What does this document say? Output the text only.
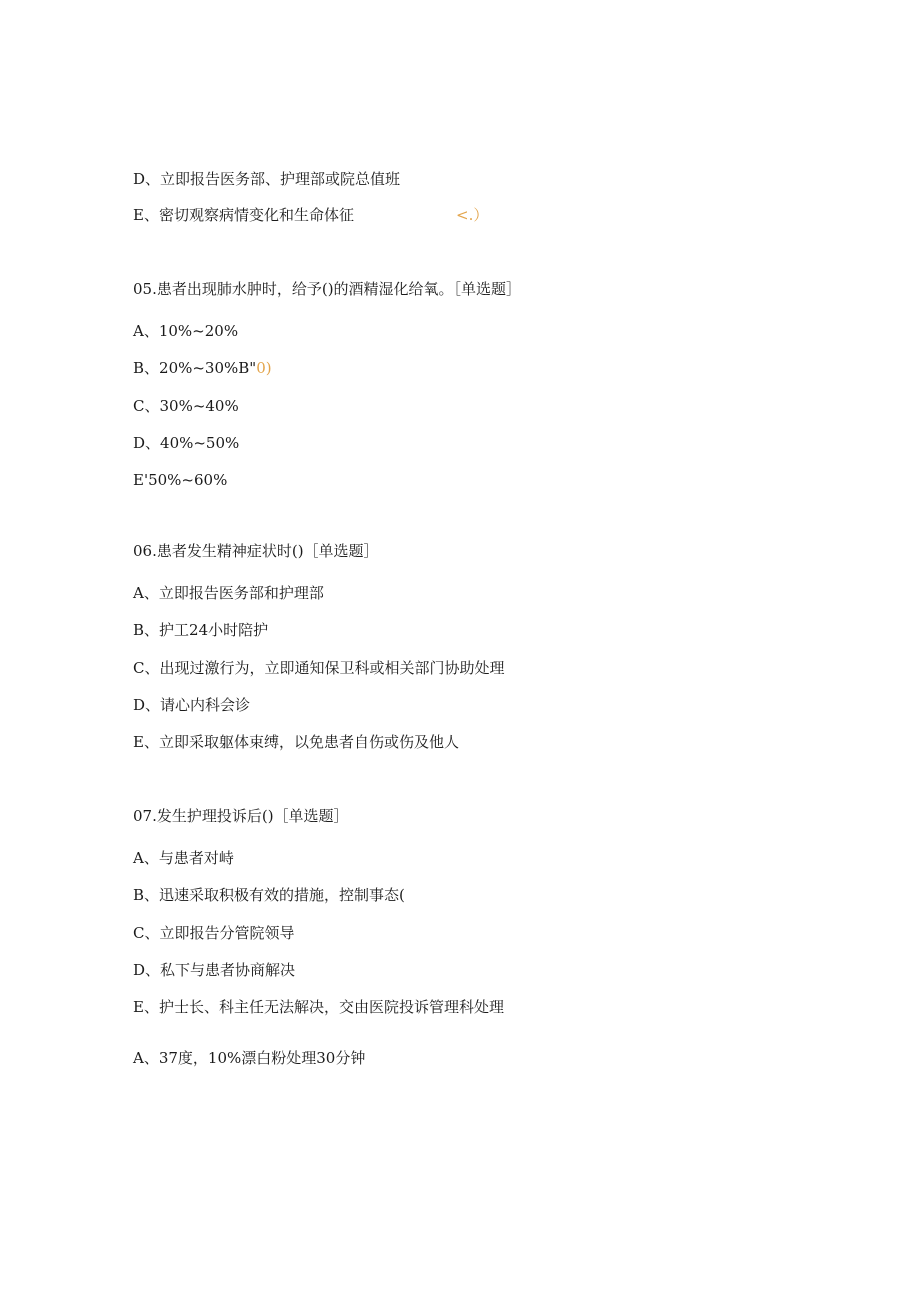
D、立即报告医务部、护理部或院总值班
E、密切观察病情变化和生命体征	<.）
05.患者出现肺水肿时，给予()的酒精湿化给氧。［单选题］
A、10%~20%
B、20%~30%B"0)
C、30%~40%
D、40%~50%
E'50%~60%
06.患者发生精神症状时()［单选题］
A、立即报告医务部和护理部
B、护工24小时陪护
C、出现过激行为，立即通知保卫科或相关部门协助处理
D、请心内科会诊
E、立即采取躯体束缚，以免患者自伤或伤及他人
07.发生护理投诉后()［单选题］
A、与患者对峙
B、迅速采取积极有效的措施，控制事态(
C、立即报告分管院领导
D、私下与患者协商解决
E、护士长、科主任无法解决，交由医院投诉管理科处理
A、37度，10%漂白粉处理30分钟
